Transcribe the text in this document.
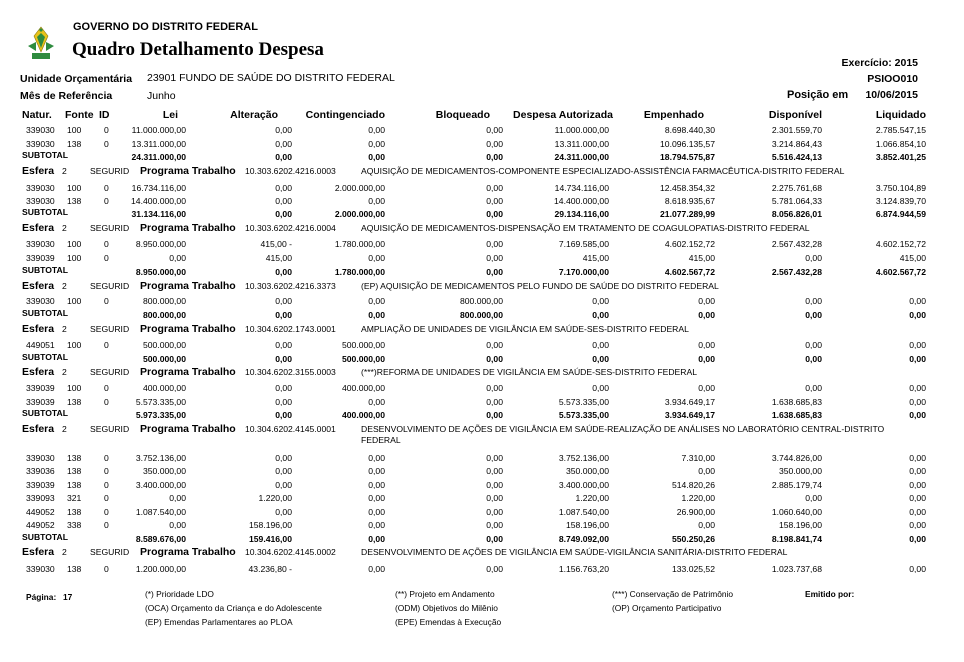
GOVERNO DO DISTRITO FEDERAL
Quadro Detalhamento Despesa
Exercício: 2015
PSIOO010
Posição em 10/06/2015
Unidade Orçamentária 23901 FUNDO DE SAÚDE DO DISTRITO FEDERAL
Mês de Referência	Junho
Natur. Fonte ID	Lei	Alteração	Contingenciado	Bloqueado Despesa Autorizada	Empenhado	Disponível	Liquidado
339030 100	0	11.000.000,00	0,00	0,00	0,00	11.000.000,00	8.698.440,30	2.301.559,70	2.785.547,15
339030 138	0	13.311.000,00	0,00	0,00	0,00	13.311.000,00	10.096.135,57	3.214.864,43	1.066.854,10
SUBTOTAL	24.311.000,00	0,00	0,00	0,00	24.311.000,00	18.794.575,87	5.516.424,13	3.852.401,25
Esfera 2	SEGURID Programa Trabalho 10.303.6202.4216.0003	AQUISIÇÃO DE MEDICAMENTOS-COMPONENTE ESPECIALIZADO-ASSISTÊNCIA FARMACÊUTICA-DISTRITO FEDERAL
339030 100	0	16.734.116,00	0,00	2.000.000,00	0,00	14.734.116,00	12.458.354,32	2.275.761,68	3.750.104,89
339030 138	0	14.400.000,00	0,00	0,00	0,00	14.400.000,00	8.618.935,67	5.781.064,33	3.124.839,70
SUBTOTAL	31.134.116,00	0,00	2.000.000,00	0,00	29.134.116,00	21.077.289,99	8.056.826,01	6.874.944,59
Esfera 2	SEGURID Programa Trabalho 10.303.6202.4216.0004	AQUISIÇÃO DE MEDICAMENTOS-DISPENSAÇÃO EM TRATAMENTO DE COAGULOPATIAS-DISTRITO FEDERAL
339030 100	0	8.950.000,00	415,00 -	1.780.000,00	0,00	7.169.585,00	4.602.152,72	2.567.432,28	4.602.152,72
339039 100	0	0,00	415,00	0,00	0,00	415,00	415,00	0,00	415,00
SUBTOTAL	8.950.000,00	0,00	1.780.000,00	0,00	7.170.000,00	4.602.567,72	2.567.432,28	4.602.567,72
Esfera 2	SEGURID Programa Trabalho 10.303.6202.4216.3373	(EP) AQUISIÇÃO DE MEDICAMENTOS PELO FUNDO DE SAÚDE DO DISTRITO FEDERAL
339030 100	0	800.000,00	0,00	0,00	800.000,00	0,00	0,00	0,00	0,00
SUBTOTAL	800.000,00	0,00	0,00	800.000,00	0,00	0,00	0,00	0,00
Esfera 2	SEGURID Programa Trabalho 10.304.6202.1743.0001	AMPLIAÇÃO DE UNIDADES DE VIGILÂNCIA EM SAÚDE-SES-DISTRITO FEDERAL
449051 100	0	500.000,00	0,00	500.000,00	0,00	0,00	0,00	0,00	0,00
SUBTOTAL	500.000,00	0,00	500.000,00	0,00	0,00	0,00	0,00	0,00
Esfera 2	SEGURID Programa Trabalho 10.304.6202.3155.0003	(***)REFORMA DE UNIDADES DE VIGILÂNCIA EM SAÚDE-SES-DISTRITO FEDERAL
339039 100	0	400.000,00	0,00	400.000,00	0,00	0,00	0,00	0,00	0,00
339039 138	0	5.573.335,00	0,00	0,00	0,00	5.573.335,00	3.934.649,17	1.638.685,83	0,00
SUBTOTAL	5.973.335,00	0,00	400.000,00	0,00	5.573.335,00	3.934.649,17	1.638.685,83	0,00
Esfera 2	SEGURID Programa Trabalho 10.304.6202.4145.0001	DESENVOLVIMENTO DE AÇÕES DE VIGILÂNCIA EM SAÚDE-REALIZAÇÃO DE ANÁLISES NO LABORATÓRIO CENTRAL-DISTRITO
FEDERAL
339030 138	0	3.752.136,00	0,00	0,00	0,00	3.752.136,00	7.310,00	3.744.826,00	0,00
339036 138	0	350.000,00	0,00	0,00	0,00	350.000,00	0,00	350.000,00	0,00
339039 138	0	3.400.000,00	0,00	0,00	0,00	3.400.000,00	514.820,26	2.885.179,74	0,00
339093 321	0	0,00	1.220,00	0,00	0,00	1.220,00	1.220,00	0,00	0,00
449052 138	0	1.087.540,00	0,00	0,00	0,00	1.087.540,00	26.900,00	1.060.640,00	0,00
449052 338	0	0,00	158.196,00	0,00	0,00	158.196,00	0,00	158.196,00	0,00
SUBTOTAL	8.589.676,00	159.416,00	0,00	0,00	8.749.092,00	550.250,26	8.198.841,74	0,00
Esfera 2	SEGURID Programa Trabalho 10.304.6202.4145.0002	DESENVOLVIMENTO DE AÇÕES DE VIGILÂNCIA EM SAÚDE-VIGILÂNCIA SANITÁRIA-DISTRITO FEDERAL
339030 138	0	1.200.000,00	43.236,80 -	0,00	0,00	1.156.763,20	133.025,52	1.023.737,68	0,00
Página: 17	(*) Prioridade LDO
(OCA) Orçamento da Criança e do Adolescente
(EP) Emendas Parlamentares ao PLOA
(**) Projeto em Andamento
(ODM) Objetivos do Milênio
(EPE) Emendas à Execução
(***) Conservação de Patrimônio
(OP) Orçamento Participativo
Emitido por:
